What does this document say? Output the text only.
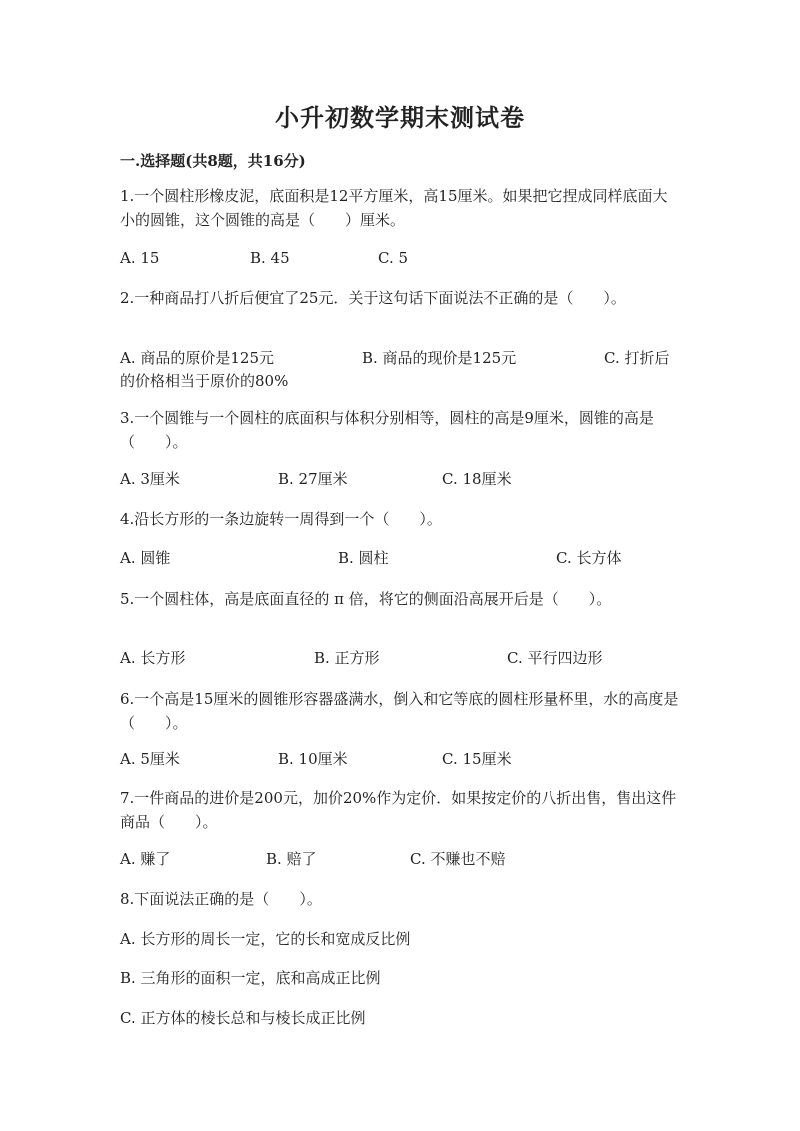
小升初数学期末测试卷
一.选择题(共8题，共16分)
1.一个圆柱形橡皮泥，底面积是12平方厘米，高15厘米。如果把它捏成同样底面大小的圆锥，这个圆锥的高是（　　）厘米。
A. 15	B. 45	C. 5
2.一种商品打八折后便宜了25元．关于这句话下面说法不正确的是（　　）。
A. 商品的原价是125元	B. 商品的现价是125元	C. 打折后
的价格相当于原价的80%
3.一个圆锥与一个圆柱的底面积与体积分别相等，圆柱的高是9厘米，圆锥的高是（　　）。
A. 3厘米	B. 27厘米	C. 18厘米
4.沿长方形的一条边旋转一周得到一个（　　）。
A. 圆锥	B. 圆柱	C. 长方体
5.一个圆柱体，高是底面直径的 π 倍，将它的侧面沿高展开后是（　　）。
A. 长方形	B. 正方形	C. 平行四边形
6.一个高是15厘米的圆锥形容器盛满水，倒入和它等底的圆柱形量杯里，水的高度是（　　）。
A. 5厘米	B. 10厘米	C. 15厘米
7.一件商品的进价是200元，加价20%作为定价．如果按定价的八折出售，售出这件商品（　　）。
A. 赚了	B. 赔了	C. 不赚也不赔
8.下面说法正确的是（　　）。
A. 长方形的周长一定，它的长和宽成反比例
B. 三角形的面积一定，底和高成正比例
C. 正方体的棱长总和与棱长成正比例
